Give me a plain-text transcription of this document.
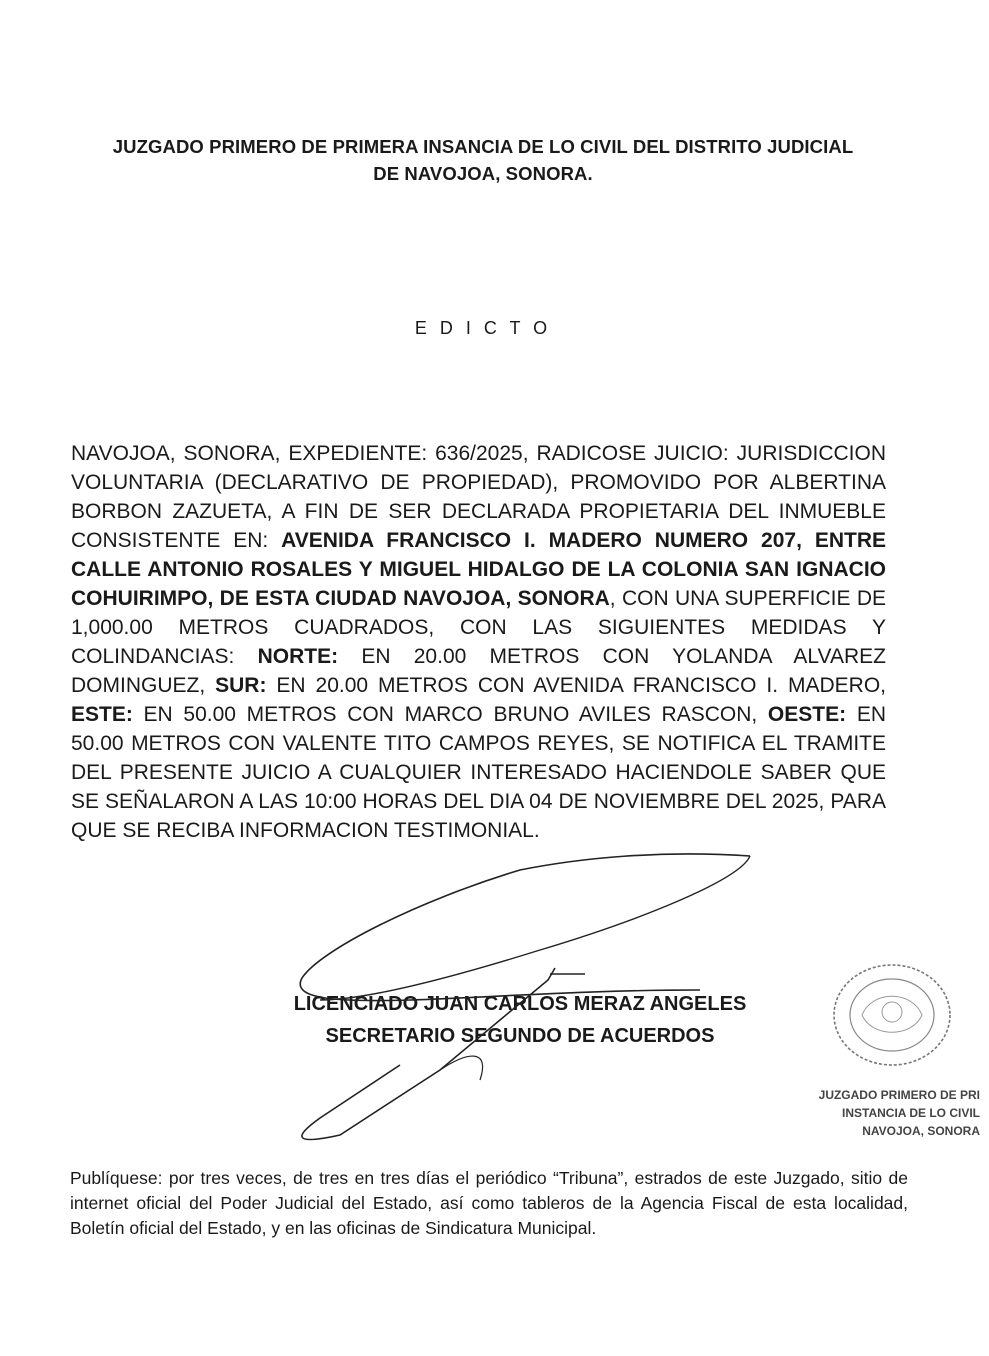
JUZGADO PRIMERO DE PRIMERA INSANCIA DE LO CIVIL DEL DISTRITO JUDICIAL
DE NAVOJOA, SONORA.
E D I C T O
NAVOJOA, SONORA, EXPEDIENTE: 636/2025, RADICOSE JUICIO: JURISDICCION VOLUNTARIA (DECLARATIVO DE PROPIEDAD), PROMOVIDO POR ALBERTINA BORBON ZAZUETA, A FIN DE SER DECLARADA PROPIETARIA DEL INMUEBLE CONSISTENTE EN: AVENIDA FRANCISCO I. MADERO NUMERO 207, ENTRE CALLE ANTONIO ROSALES Y MIGUEL HIDALGO DE LA COLONIA SAN IGNACIO COHUIRIMPO, DE ESTA CIUDAD NAVOJOA, SONORA, CON UNA SUPERFICIE DE 1,000.00 METROS CUADRADOS, CON LAS SIGUIENTES MEDIDAS Y COLINDANCIAS: NORTE: EN 20.00 METROS CON YOLANDA ALVAREZ DOMINGUEZ, SUR: EN 20.00 METROS CON AVENIDA FRANCISCO I. MADERO, ESTE: EN 50.00 METROS CON MARCO BRUNO AVILES RASCON, OESTE: EN 50.00 METROS CON VALENTE TITO CAMPOS REYES, SE NOTIFICA EL TRAMITE DEL PRESENTE JUICIO A CUALQUIER INTERESADO HACIENDOLE SABER QUE SE SEÑALARON A LAS 10:00 HORAS DEL DIA 04 DE NOVIEMBRE DEL 2025, PARA QUE SE RECIBA INFORMACION TESTIMONIAL.
LICENCIADO JUAN CARLOS MERAZ ANGELES
SECRETARIO SEGUNDO DE ACUERDOS
JUZGADO PRIMERO DE PRI
INSTANCIA DE LO CIVIL
NAVOJOA, SONORA
Publíquese: por tres veces, de tres en tres días el periódico “Tribuna”, estrados de este Juzgado, sitio de internet oficial del Poder Judicial del Estado, así como tableros de la Agencia Fiscal de esta localidad, Boletín oficial del Estado, y en las oficinas de Sindicatura Municipal.
